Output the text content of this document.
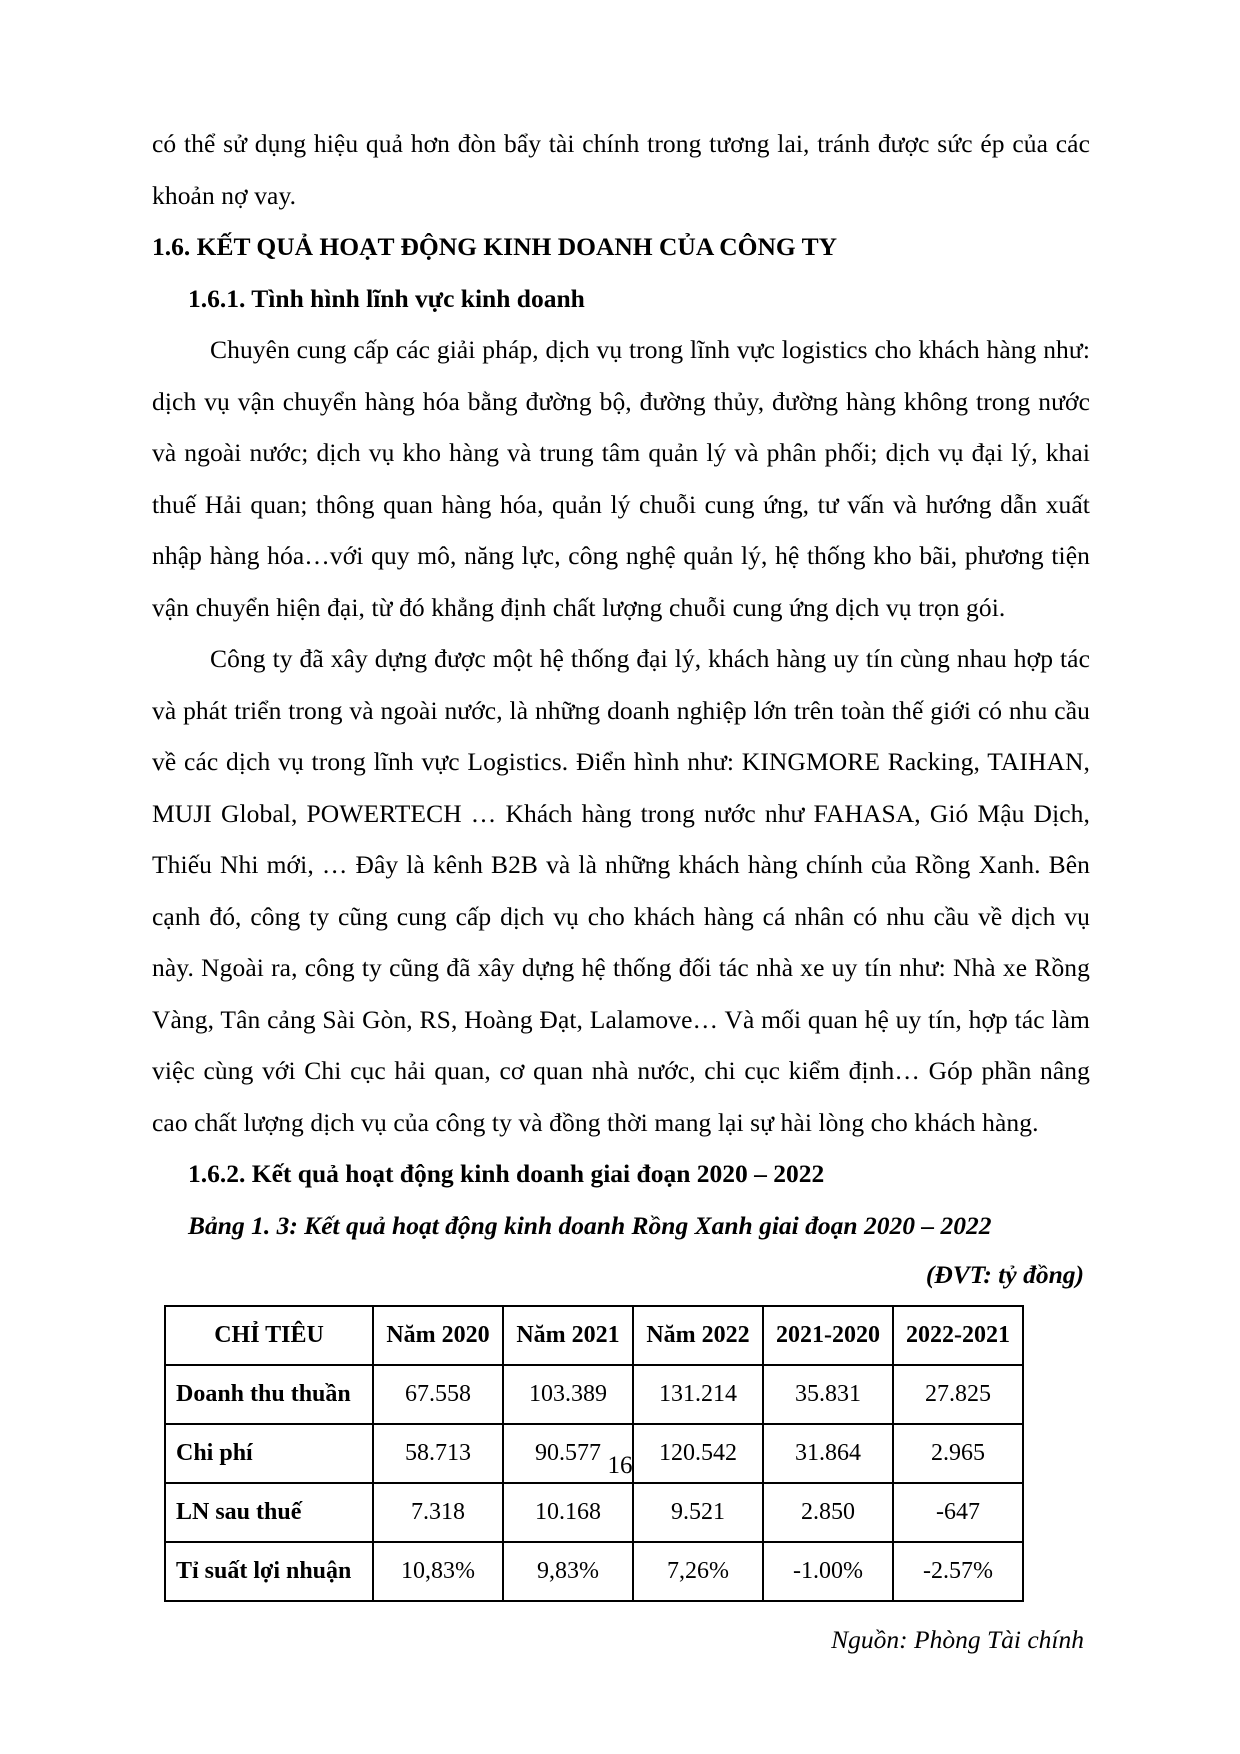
có thể sử dụng hiệu quả hơn đòn bẩy tài chính trong tương lai, tránh được sức ép của các khoản nợ vay.

1.6. KẾT QUẢ HOẠT ĐỘNG KINH DOANH CỦA CÔNG TY
1.6.1. Tình hình lĩnh vực kinh doanh

Chuyên cung cấp các giải pháp, dịch vụ trong lĩnh vực logistics cho khách hàng như: dịch vụ vận chuyển hàng hóa bằng đường bộ, đường thủy, đường hàng không trong nước và ngoài nước; dịch vụ kho hàng và trung tâm quản lý và phân phối; dịch vụ đại lý, khai thuế Hải quan; thông quan hàng hóa, quản lý chuỗi cung ứng, tư vấn và hướng dẫn xuất nhập hàng hóa…với quy mô, năng lực, công nghệ quản lý, hệ thống kho bãi, phương tiện vận chuyển hiện đại, từ đó khẳng định chất lượng chuỗi cung ứng dịch vụ trọn gói.

Công ty đã xây dựng được một hệ thống đại lý, khách hàng uy tín cùng nhau hợp tác và phát triển trong và ngoài nước, là những doanh nghiệp lớn trên toàn thế giới có nhu cầu về các dịch vụ trong lĩnh vực Logistics. Điển hình như: KINGMORE Racking, TAIHAN, MUJI Global, POWERTECH … Khách hàng trong nước như FAHASA, Gió Mậu Dịch, Thiếu Nhi mới, … Đây là kênh B2B và là những khách hàng chính của Rồng Xanh. Bên cạnh đó, công ty cũng cung cấp dịch vụ cho khách hàng cá nhân có nhu cầu về dịch vụ này. Ngoài ra, công ty cũng đã xây dựng hệ thống đối tác nhà xe uy tín như: Nhà xe Rồng Vàng, Tân cảng Sài Gòn, RS, Hoàng Đạt, Lalamove… Và mối quan hệ uy tín, hợp tác làm việc cùng với Chi cục hải quan, cơ quan nhà nước, chi cục kiểm định… Góp phần nâng cao chất lượng dịch vụ của công ty và đồng thời mang lại sự hài lòng cho khách hàng.

1.6.2. Kết quả hoạt động kinh doanh giai đoạn 2020 – 2022

Bảng 1. 3: Kết quả hoạt động kinh doanh Rồng Xanh giai đoạn 2020 – 2022

(ĐVT: tỷ đồng)

CHỈ TIÊU	Năm 2020	Năm 2021	Năm 2022	2021-2020	2022-2021
Doanh thu thuần	67.558	103.389	131.214	35.831	27.825
Chi phí	58.713	90.577	120.542	31.864	2.965
LN sau thuế	7.318	10.168	9.521	2.850	-647
Tỉ suất lợi nhuận	10,83%	9,83%	7,26%	-1.00%	-2.57%

Nguồn: Phòng Tài chính

16
